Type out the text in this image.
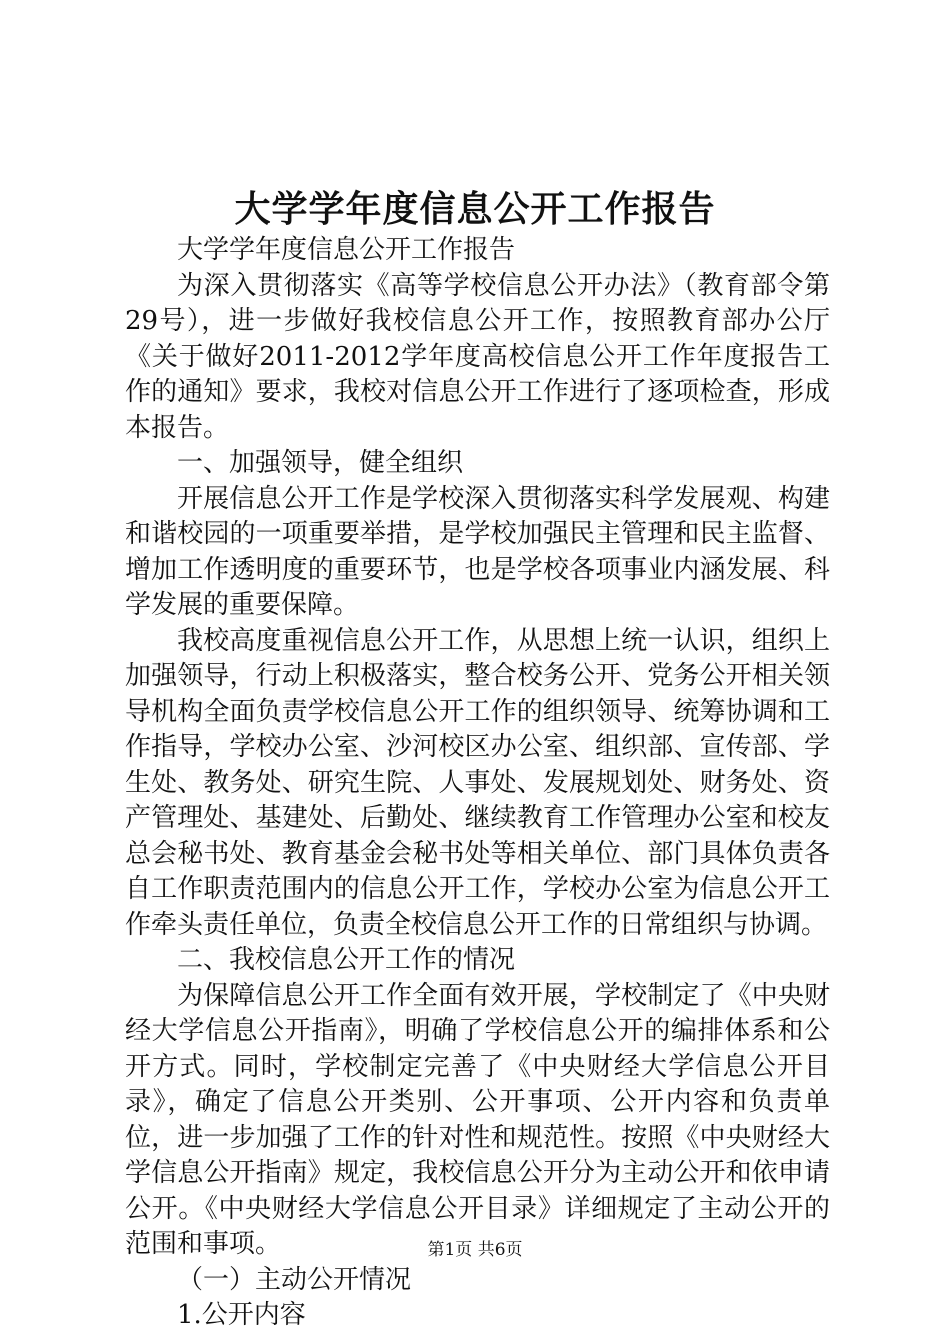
大学学年度信息公开工作报告

大学学年度信息公开工作报告

为深入贯彻落实《高等学校信息公开办法》（教育部令第29号），进一步做好我校信息公开工作，按照教育部办公厅《关于做好2011-2012学年度高校信息公开工作年度报告工作的通知》要求，我校对信息公开工作进行了逐项检查，形成本报告。

一、加强领导，健全组织

开展信息公开工作是学校深入贯彻落实科学发展观、构建和谐校园的一项重要举措，是学校加强民主管理和民主监督、增加工作透明度的重要环节，也是学校各项事业内涵发展、科学发展的重要保障。

我校高度重视信息公开工作，从思想上统一认识，组织上加强领导，行动上积极落实，整合校务公开、党务公开相关领导机构全面负责学校信息公开工作的组织领导、统筹协调和工作指导，学校办公室、沙河校区办公室、组织部、宣传部、学生处、教务处、研究生院、人事处、发展规划处、财务处、资产管理处、基建处、后勤处、继续教育工作管理办公室和校友总会秘书处、教育基金会秘书处等相关单位、部门具体负责各自工作职责范围内的信息公开工作，学校办公室为信息公开工作牵头责任单位，负责全校信息公开工作的日常组织与协调。

二、我校信息公开工作的情况

为保障信息公开工作全面有效开展，学校制定了《中央财经大学信息公开指南》，明确了学校信息公开的编排体系和公开方式。同时，学校制定完善了《中央财经大学信息公开目录》，确定了信息公开类别、公开事项、公开内容和负责单位，进一步加强了工作的针对性和规范性。按照《中央财经大学信息公开指南》规定，我校信息公开分为主动公开和依申请公开。《中央财经大学信息公开目录》详细规定了主动公开的范围和事项。

（一）主动公开情况

1.公开内容

第1页 共6页
